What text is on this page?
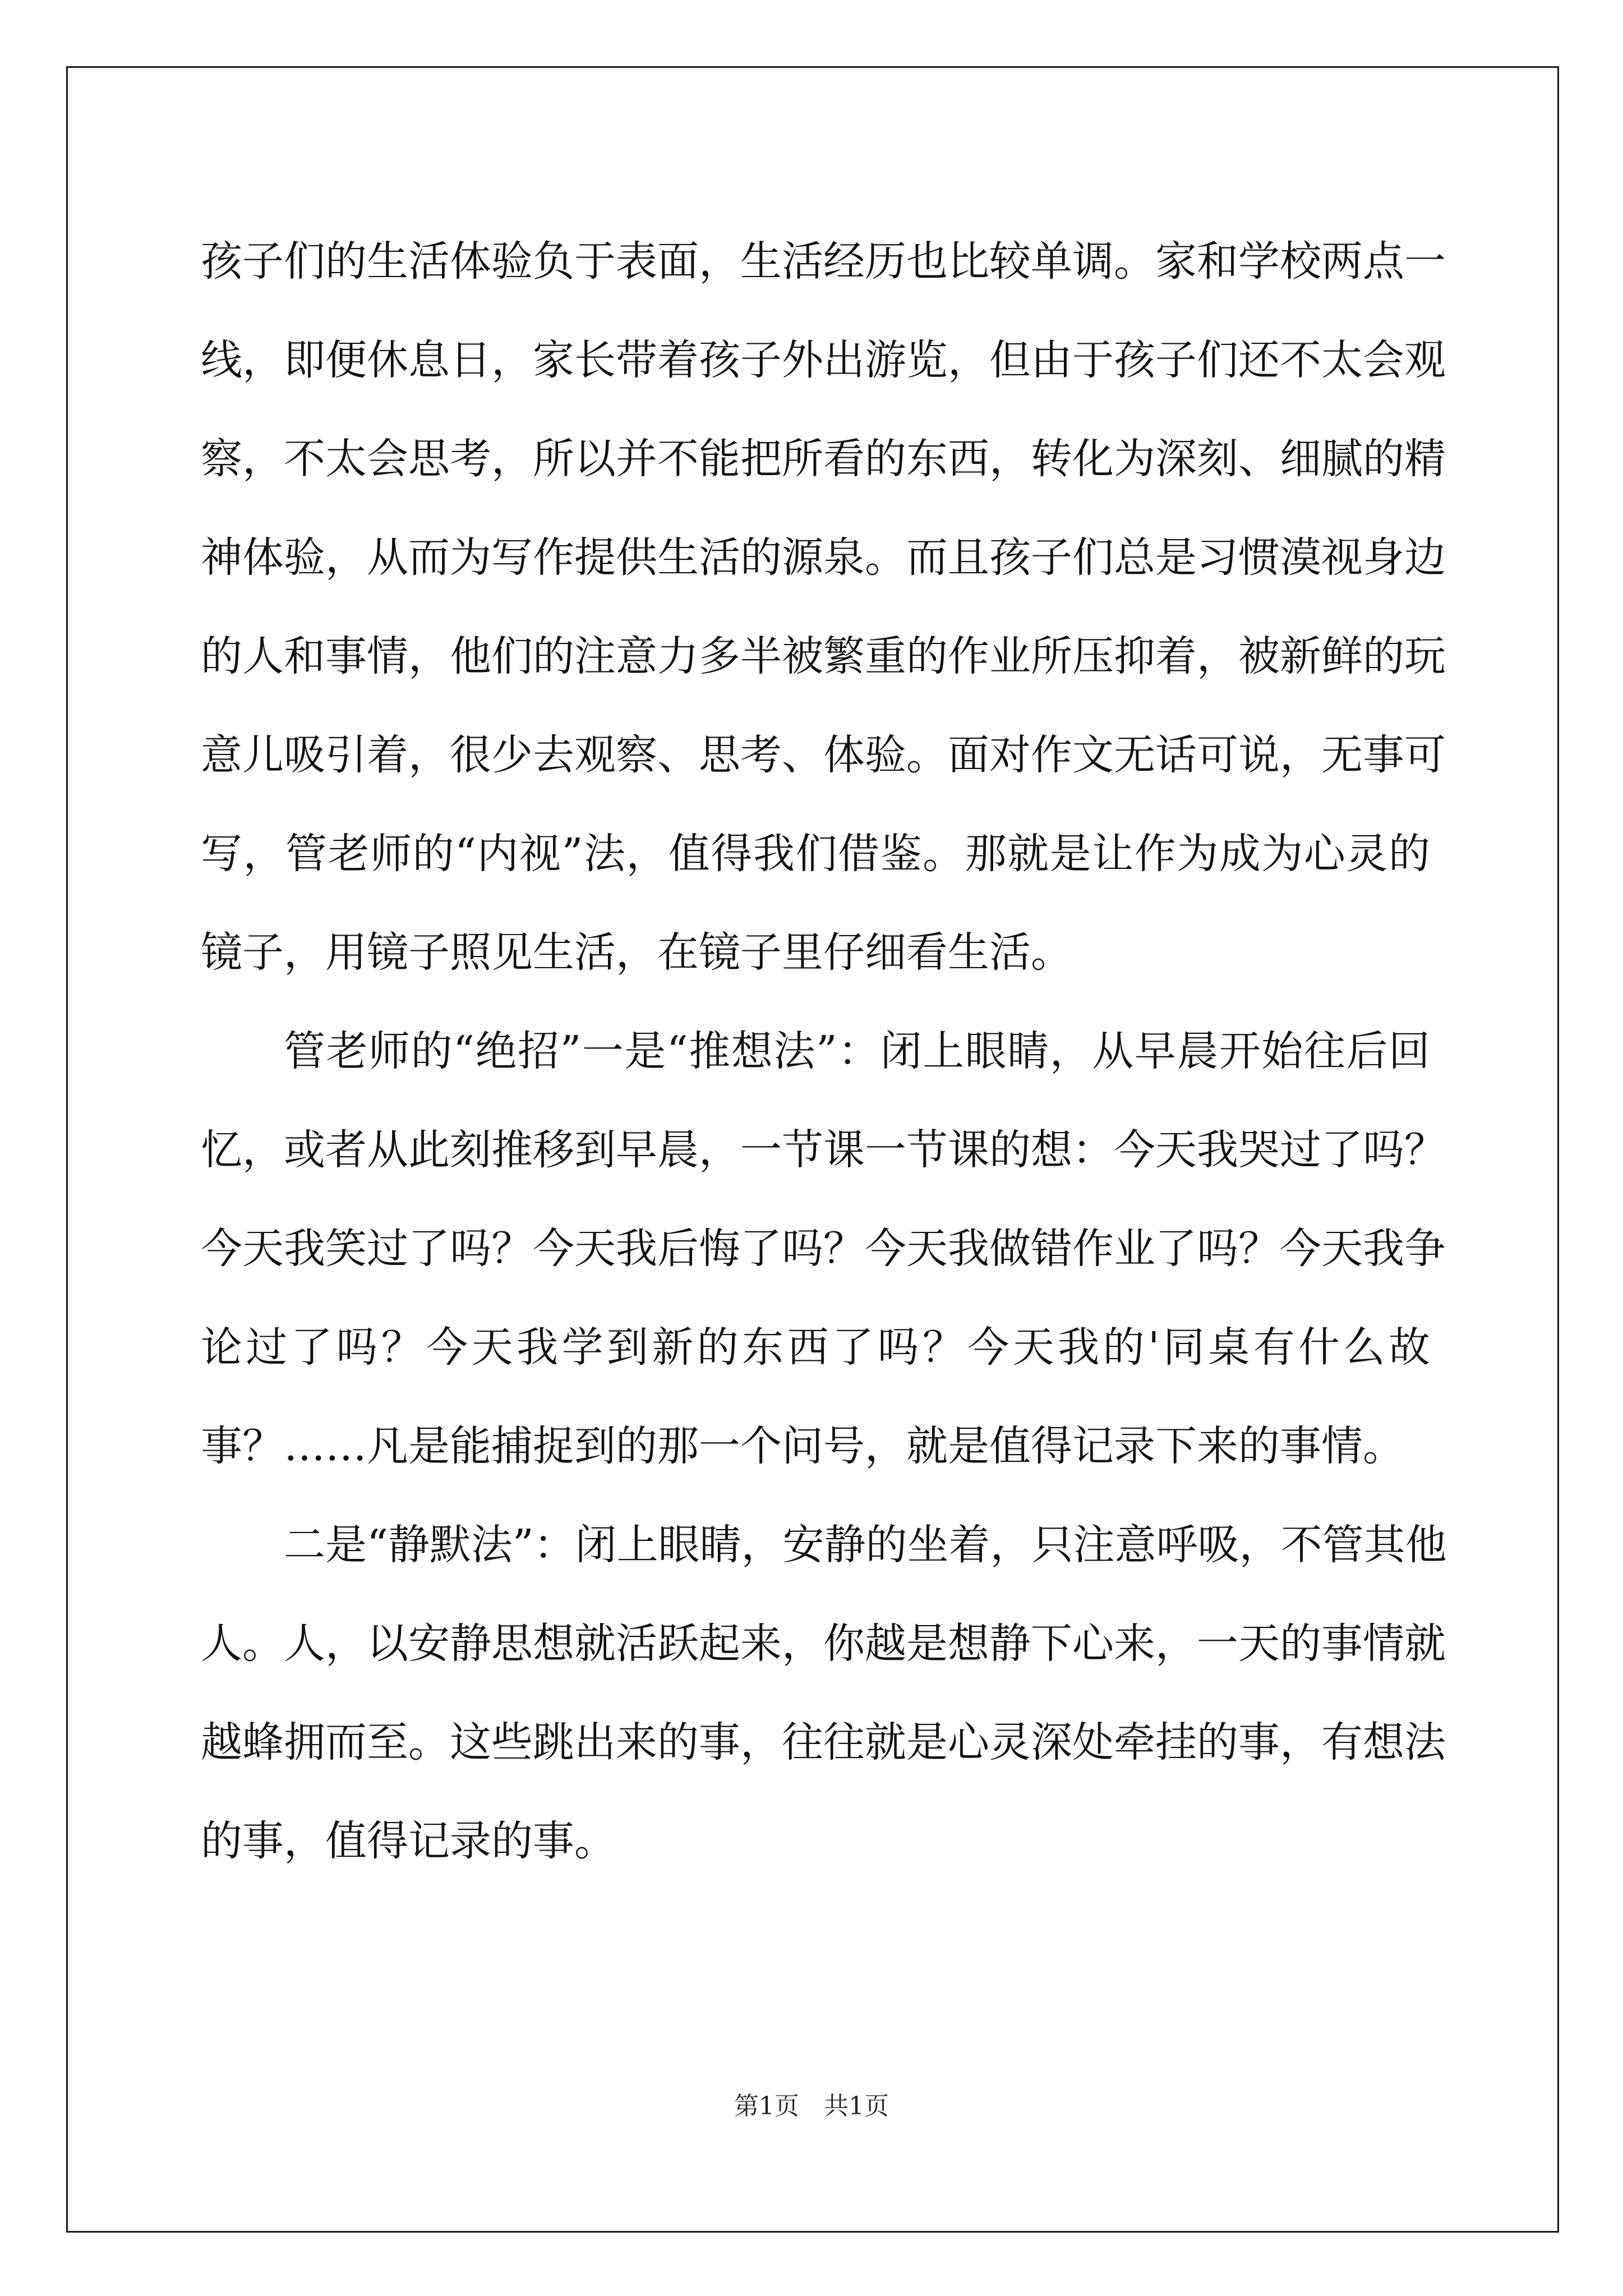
孩子们的生活体验负于表面，生活经历也比较单调。家和学校两点一
线，即便休息日，家长带着孩子外出游览，但由于孩子们还不太会观
察，不太会思考，所以并不能把所看的东西，转化为深刻、细腻的精
神体验，从而为写作提供生活的源泉。而且孩子们总是习惯漠视身边
的人和事情，他们的注意力多半被繁重的作业所压抑着，被新鲜的玩
意儿吸引着，很少去观察、思考、体验。面对作文无话可说，无事可
写，管老师的“内视”法，值得我们借鉴。那就是让作为成为心灵的
镜子，用镜子照见生活，在镜子里仔细看生活。
管老师的“绝招”一是“推想法”：闭上眼睛，从早晨开始往后回
忆，或者从此刻推移到早晨，一节课一节课的想：今天我哭过了吗？
今天我笑过了吗？今天我后悔了吗？今天我做错作业了吗？今天我争
论过了吗？今天我学到新的东西了吗？今天我的'同桌有什么故
事？……凡是能捕捉到的那一个问号，就是值得记录下来的事情。
二是“静默法”：闭上眼睛，安静的坐着，只注意呼吸，不管其他
人。人，以安静思想就活跃起来，你越是想静下心来，一天的事情就
越蜂拥而至。这些跳出来的事，往往就是心灵深处牵挂的事，有想法
的事，值得记录的事。
第1页　共1页
